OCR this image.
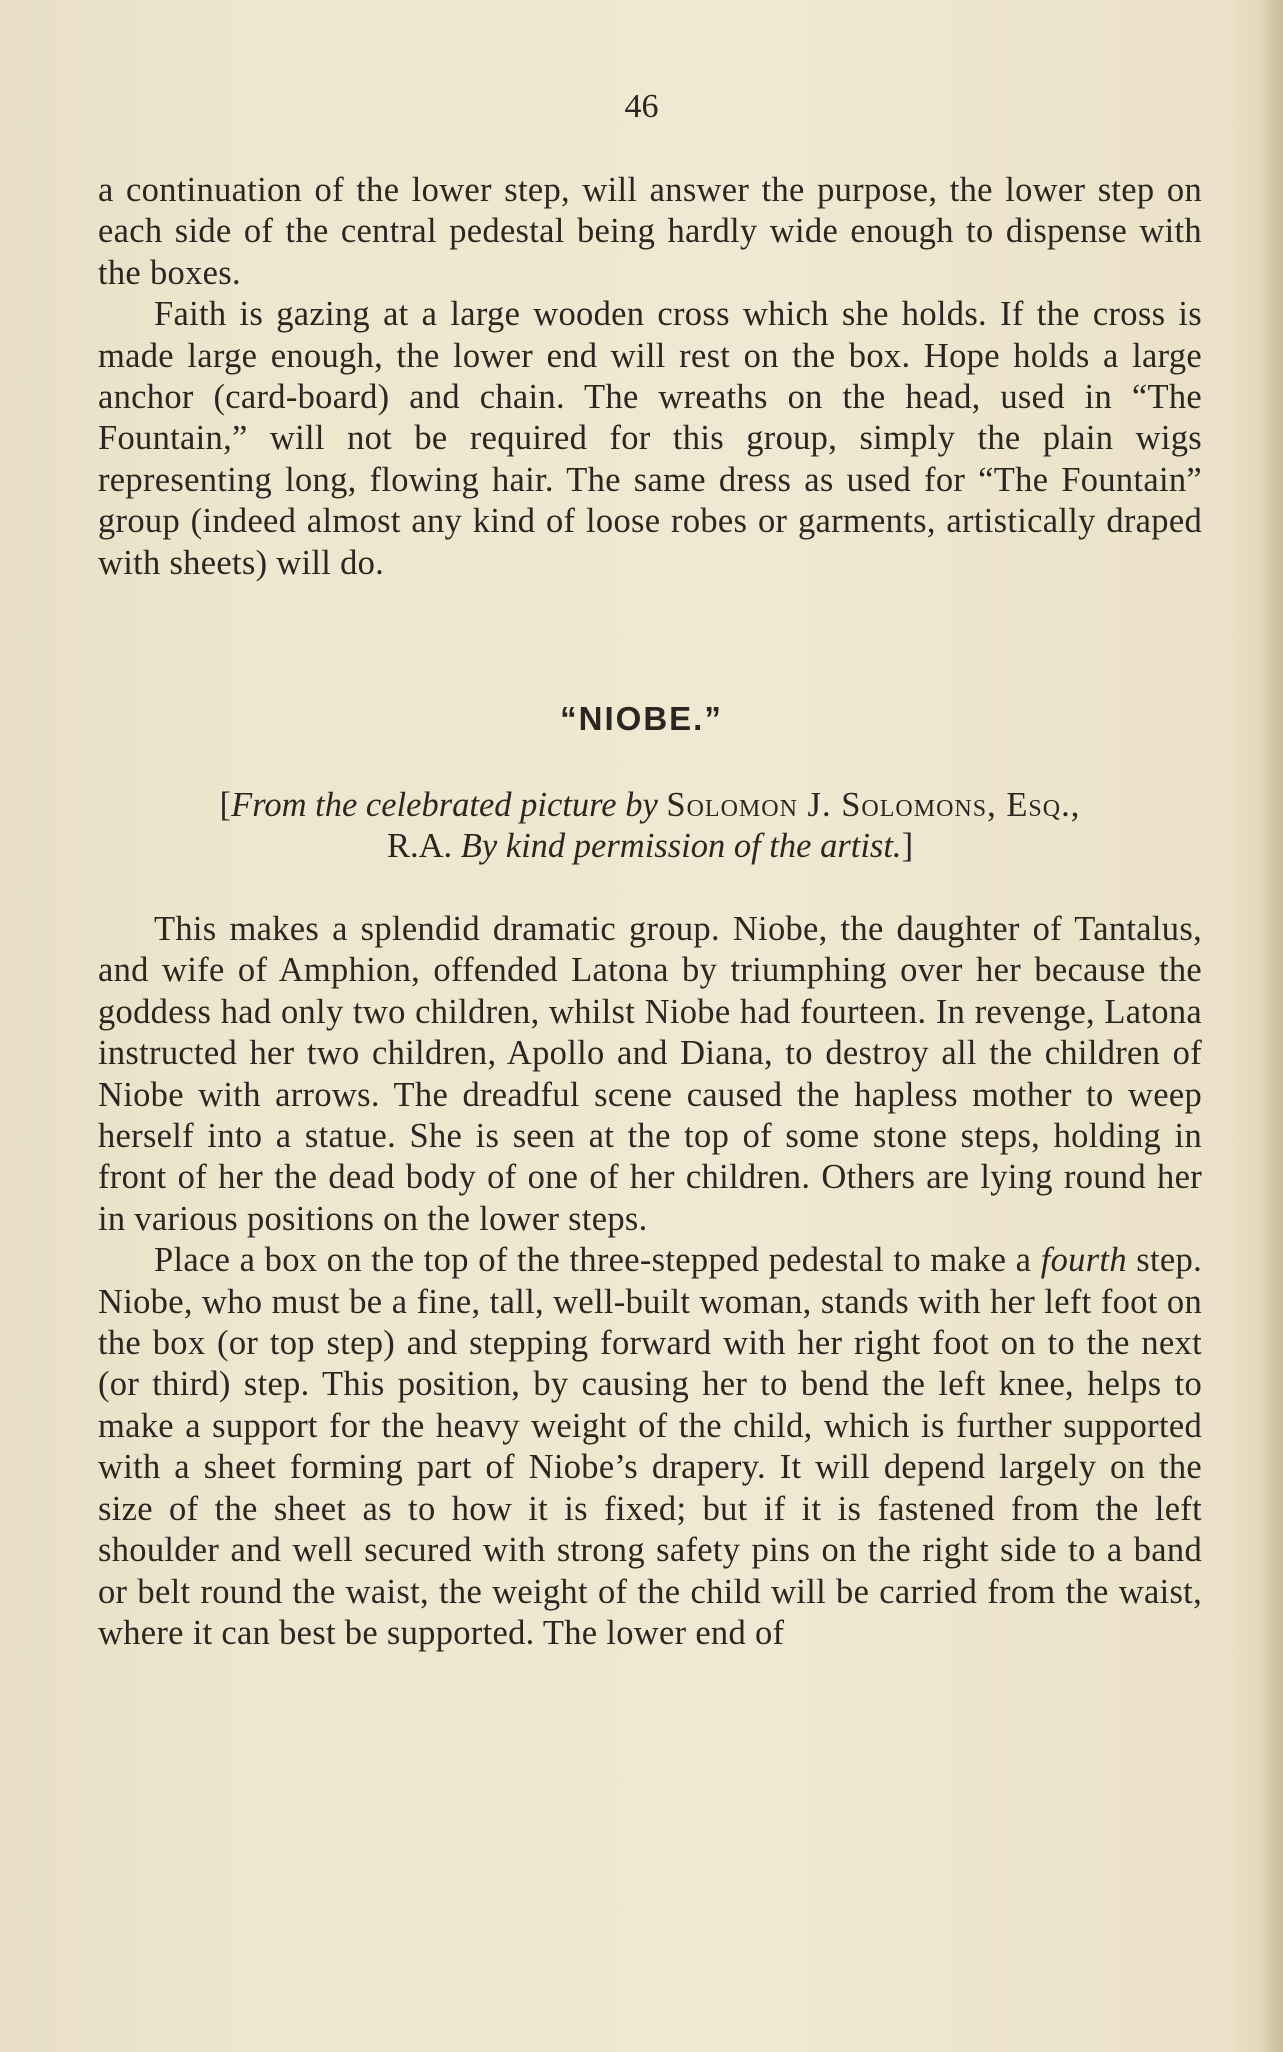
46

a continuation of the lower step, will answer the purpose, the lower step on each side of the central pedestal being hardly wide enough to dispense with the boxes.

Faith is gazing at a large wooden cross which she holds. If the cross is made large enough, the lower end will rest on the box. Hope holds a large anchor (card-board) and chain. The wreaths on the head, used in “The Fountain,” will not be required for this group, simply the plain wigs representing long, flowing hair. The same dress as used for “The Fountain” group (indeed almost any kind of loose robes or garments, artistically draped with sheets) will do.

“NIOBE.”
[From the celebrated picture by Solomon J. Solomons, Esq.,
R.A. By kind permission of the artist.]

This makes a splendid dramatic group. Niobe, the daughter of Tantalus, and wife of Amphion, offended Latona by triumphing over her because the goddess had only two children, whilst Niobe had fourteen. In revenge, Latona instructed her two children, Apollo and Diana, to destroy all the children of Niobe with arrows. The dreadful scene caused the hapless mother to weep herself into a statue. She is seen at the top of some stone steps, holding in front of her the dead body of one of her children. Others are lying round her in various positions on the lower steps.

Place a box on the top of the three-stepped pedestal to make a fourth step. Niobe, who must be a fine, tall, well-built woman, stands with her left foot on the box (or top step) and stepping forward with her right foot on to the next (or third) step. This position, by causing her to bend the left knee, helps to make a support for the heavy weight of the child, which is further supported with a sheet forming part of Niobe’s drapery. It will depend largely on the size of the sheet as to how it is fixed; but if it is fastened from the left shoulder and well secured with strong safety pins on the right side to a band or belt round the waist, the weight of the child will be carried from the waist, where it can best be supported. The lower end of
